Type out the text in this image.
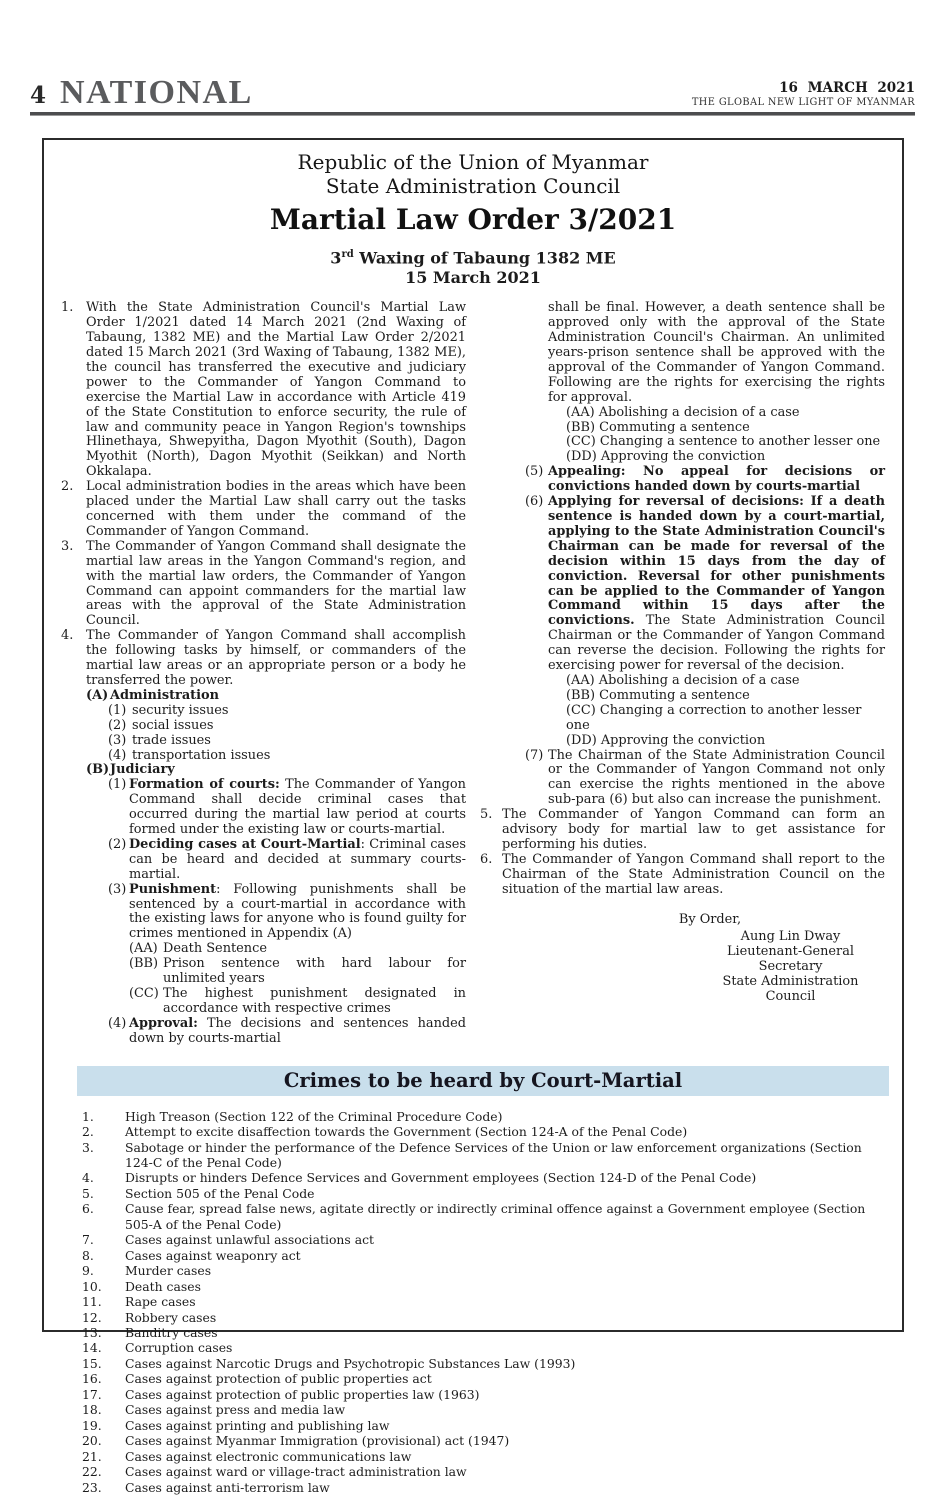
4 NATIONAL	16 MARCH 2021
THE GLOBAL NEW LIGHT OF MYANMAR
Republic of the Union of Myanmar
State Administration Council
Martial Law Order 3/2021
3rd Waxing of Tabaung 1382 ME
15 March 2021
1. With the State Administration Council's Martial Law Order 1/2021 dated 14 March 2021 (2nd Waxing of Tabaung, 1382 ME) and the Martial Law Order 2/2021 dated 15 March 2021 (3rd Waxing of Tabaung, 1382 ME), the council has transferred the executive and judiciary power to the Commander of Yangon Command to exercise the Martial Law in accordance with Article 419 of the State Constitution to enforce security, the rule of law and community peace in Yangon Region's townships Hlinethaya, Shwepyitha, Dagon Myothit (South), Dagon Myothit (North), Dagon Myothit (Seikkan) and North Okkalapa.
2. Local administration bodies in the areas which have been placed under the Martial Law shall carry out the tasks concerned with them under the command of the Commander of Yangon Command.
3. The Commander of Yangon Command shall designate the martial law areas in the Yangon Command's region, and with the martial law orders, the Commander of Yangon Command can appoint commanders for the martial law areas with the approval of the State Administration Council.
4. The Commander of Yangon Command shall accomplish the following tasks by himself, or commanders of the martial law areas or an appropriate person or a body he transferred the power.
(A) Administration
(1) security issues
(2) social issues
(3) trade issues
(4) transportation issues
(B) Judiciary
(1) Formation of courts: The Commander of Yangon Command shall decide criminal cases that occurred during the martial law period at courts formed under the existing law or courts-martial.
(2) Deciding cases at Court-Martial: Criminal cases can be heard and decided at summary courts-martial.
(3) Punishment: Following punishments shall be sentenced by a court-martial in accordance with the existing laws for anyone who is found guilty for crimes mentioned in Appendix (A)
(AA) Death Sentence
(BB) Prison sentence with hard labour for unlimited years
(CC) The highest punishment designated in accordance with respective crimes
(4) Approval: The decisions and sentences handed down by courts-martial
shall be final. However, a death sentence shall be approved only with the approval of the State Administration Council's Chairman. An unlimited years-prison sentence shall be approved with the approval of the Commander of Yangon Command. Following are the rights for exercising the rights for approval.
(AA) Abolishing a decision of a case
(BB) Commuting a sentence
(CC) Changing a sentence to another lesser one
(DD) Approving the conviction
(5) Appealing: No appeal for decisions or convictions handed down by courts-martial
(6) Applying for reversal of decisions: If a death sentence is handed down by a court-martial, applying to the State Administration Council's Chairman can be made for reversal of the decision within 15 days from the day of conviction. Reversal for other punishments can be applied to the Commander of Yangon Command within 15 days after the convictions. The State Administration Council Chairman or the Commander of Yangon Command can reverse the decision. Following the rights for exercising power for reversal of the decision.
(AA) Abolishing a decision of a case
(BB) Commuting a sentence
(CC) Changing a correction to another lesser one
(DD) Approving the conviction
(7) The Chairman of the State Administration Council or the Commander of Yangon Command not only can exercise the rights mentioned in the above sub-para (6) but also can increase the punishment.
5. The Commander of Yangon Command can form an advisory body for martial law to get assistance for performing his duties.
6. The Commander of Yangon Command shall report to the Chairman of the State Administration Council on the situation of the martial law areas.
By Order,
Aung Lin Dway
Lieutenant-General
Secretary
State Administration Council
Crimes to be heard by Court-Martial
1.	High Treason (Section 122 of the Criminal Procedure Code)
2.	Attempt to excite disaffection towards the Government (Section 124-A of the Penal Code)
3.	Sabotage or hinder the performance of the Defence Services of the Union or law enforcement organizations (Section 124-C of the Penal Code)
4.	Disrupts or hinders Defence Services and Government employees (Section 124-D of the Penal Code)
5.	Section 505 of the Penal Code
6.	Cause fear, spread false news, agitate directly or indirectly criminal offence against a Government employee (Section 505-A of the Penal Code)
7.	Cases against unlawful associations act
8.	Cases against weaponry act
9.	Murder cases
10.	Death cases
11.	Rape cases
12.	Robbery cases
13.	Banditry cases
14.	Corruption cases
15.	Cases against Narcotic Drugs and Psychotropic Substances Law (1993)
16.	Cases against protection of public properties act
17.	Cases against protection of public properties law (1963)
18.	Cases against press and media law
19.	Cases against printing and publishing law
20.	Cases against Myanmar Immigration (provisional) act (1947)
21.	Cases against electronic communications law
22.	Cases against ward or village-tract administration law
23.	Cases against anti-terrorism law
